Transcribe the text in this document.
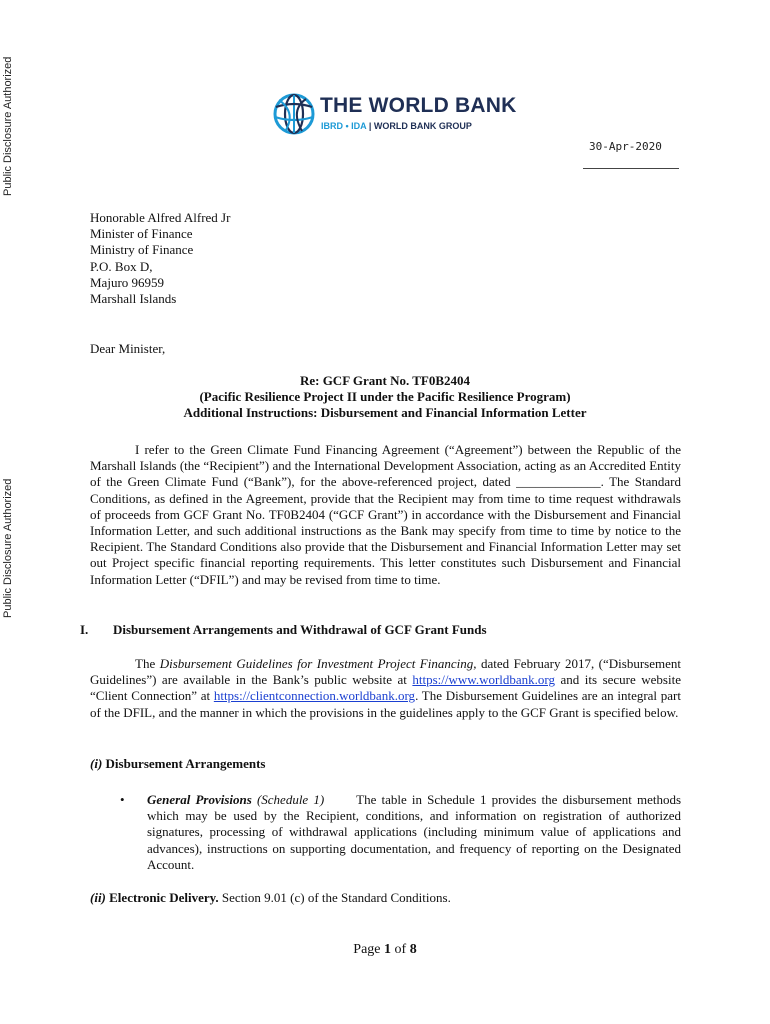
Public Disclosure Authorized
Public Disclosure Authorized
THE WORLD BANK
IBRD • IDA | WORLD BANK GROUP
30-Apr-2020
Honorable Alfred Alfred Jr
Minister of Finance
Ministry of Finance
P.O. Box D,
Majuro 96959
Marshall Islands
Dear Minister,
Re: GCF Grant No. TF0B2404
(Pacific Resilience Project II under the Pacific Resilience Program)
Additional Instructions: Disbursement and Financial Information Letter
I refer to the Green Climate Fund Financing Agreement (“Agreement”) between the Republic of the Marshall Islands (the “Recipient”) and the International Development Association, acting as an Accredited Entity of the Green Climate Fund (“Bank”), for the above-referenced project, dated _____________. The Standard Conditions, as defined in the Agreement, provide that the Recipient may from time to time request withdrawals of proceeds from GCF Grant No. TF0B2404 (“GCF Grant”) in accordance with the Disbursement and Financial Information Letter, and such additional instructions as the Bank may specify from time to time by notice to the Recipient. The Standard Conditions also provide that the Disbursement and Financial Information Letter may set out Project specific financial reporting requirements. This letter constitutes such Disbursement and Financial Information Letter (“DFIL”) and may be revised from time to time.
I. Disbursement Arrangements and Withdrawal of GCF Grant Funds
The Disbursement Guidelines for Investment Project Financing, dated February 2017, (“Disbursement Guidelines”) are available in the Bank’s public website at https://www.worldbank.org and its secure website “Client Connection” at https://clientconnection.worldbank.org. The Disbursement Guidelines are an integral part of the DFIL, and the manner in which the provisions in the guidelines apply to the GCF Grant is specified below.
(i) Disbursement Arrangements
• General Provisions (Schedule 1) The table in Schedule 1 provides the disbursement methods which may be used by the Recipient, conditions, and information on registration of authorized signatures, processing of withdrawal applications (including minimum value of applications and advances), instructions on supporting documentation, and frequency of reporting on the Designated Account.
(ii) Electronic Delivery. Section 9.01 (c) of the Standard Conditions.
Page 1 of 8
